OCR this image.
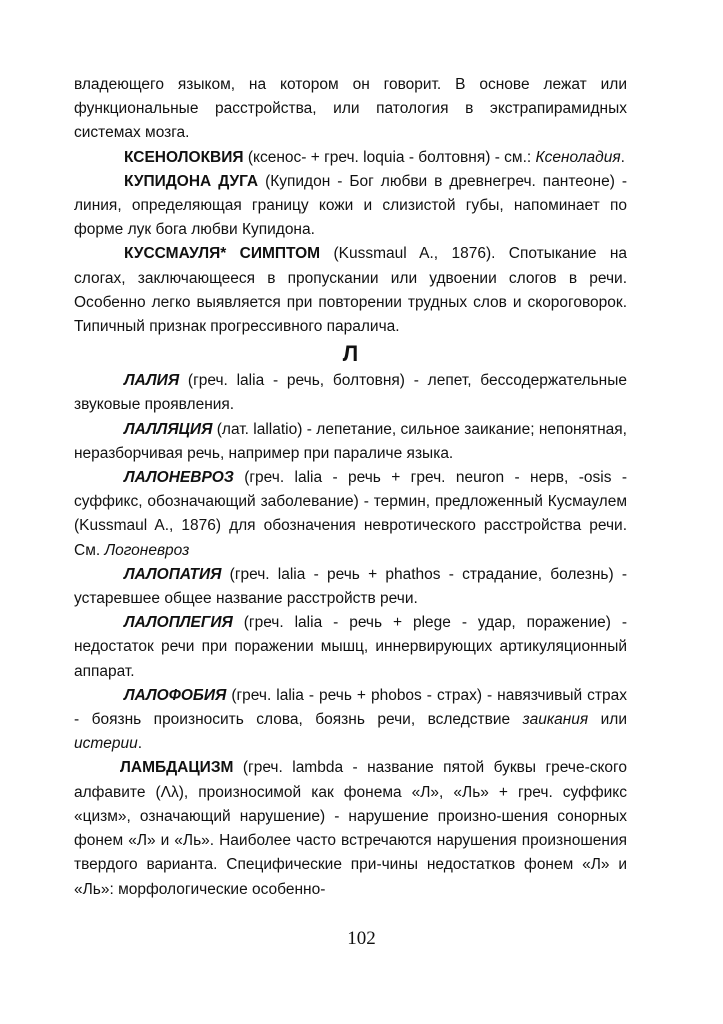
владеющего языком, на котором он говорит. В основе лежат или функциональные расстройства, или патология в экстрапирамидных системах мозга.

КСЕНОЛОКВИЯ (ксенос- + греч. loquia - болтовня) - см.: Ксеноладия.

КУПИДОНА ДУГА (Купидон - Бог любви в древнегреч. пантеоне) - линия, определяющая границу кожи и слизистой губы, напоминает по форме лук бога любви Купидона.

КУССМАУЛЯ* СИМПТОМ (Kussmaul A., 1876). Спотыкание на слогах, заключающееся в пропускании или удвоении слогов в речи. Особенно легко выявляется при повторении трудных слов и скороговорок. Типичный признак прогрессивного паралича.

Л

ЛАЛИЯ (греч. lalia - речь, болтовня) - лепет, бессодержательные звуковые проявления.

ЛАЛЛЯЦИЯ (лат. lallatio) - лепетание, сильное заикание; непонятная, неразборчивая речь, например при параличе языка.

ЛАЛОНЕВРОЗ (греч. lalia - речь + греч. neuron - нерв, -osis - суффикс, обозначающий заболевание) - термин, предложенный Кусмаулем (Kussmaul A., 1876) для обозначения невротического расстройства речи. См. Логоневроз

ЛАЛОПАТИЯ (греч. lalia - речь + phathos - страдание, болезнь) - устаревшее общее название расстройств речи.

ЛАЛОПЛЕГИЯ (греч. lalia - речь + plege - удар, поражение) - недостаток речи при поражении мышц, иннервирующих артикуляционный аппарат.

ЛАЛОФОБИЯ (греч. lalia - речь + phobos - страх) - навязчивый страх - боязнь произносить слова, боязнь речи, вследствие заикания или истерии.

ЛАМБДАЦИЗМ (греч. lambda - название пятой буквы грече-ского алфавите (Λλ), произносимой как фонема «Л», «Ль» + греч. суффикс «цизм», означающий нарушение) - нарушение произно-шения сонорных фонем «Л» и «Ль». Наиболее часто встречаются нарушения произношения твердого варианта. Специфические при-чины недостатков фонем «Л» и «Ль»: морфологические особенно-

102
